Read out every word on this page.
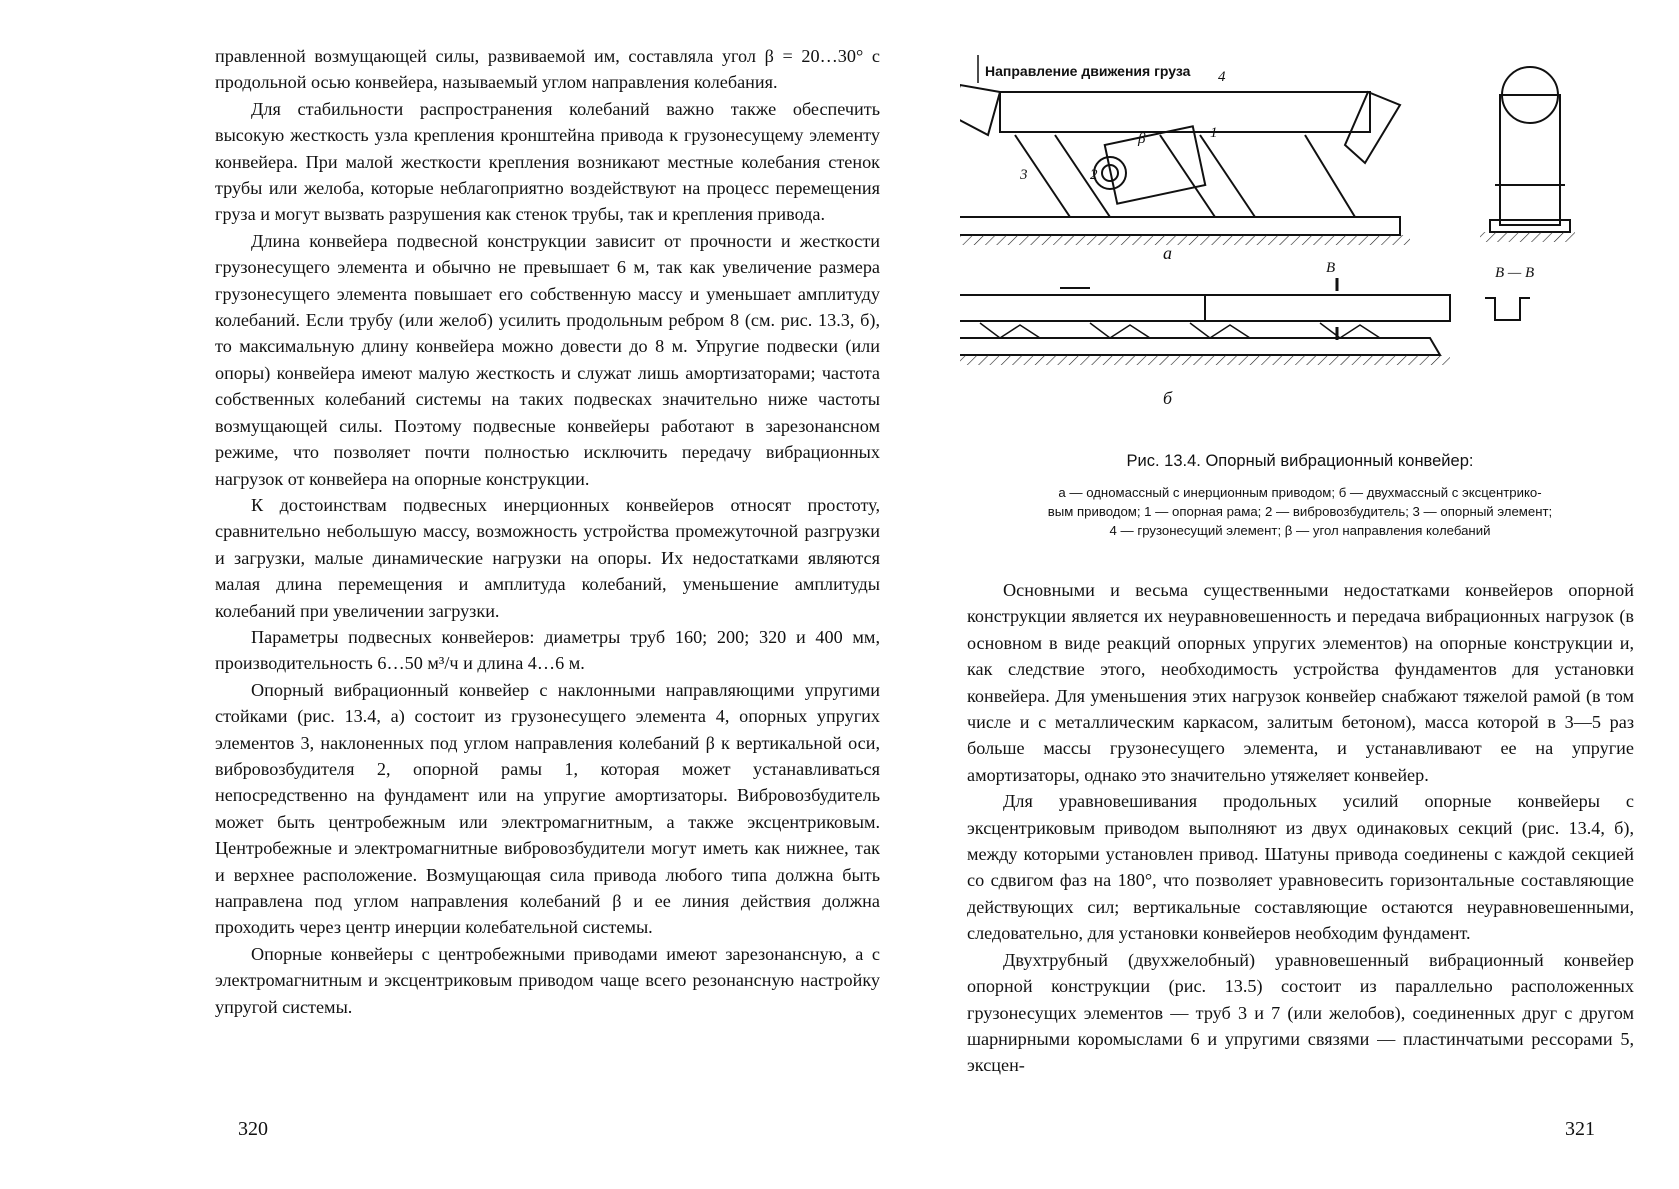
правленной возмущающей силы, развиваемой им, составляла угол β = 20…30° с продольной осью конвейера, называемый углом направления колебания.

Для стабильности распространения колебаний важно также обеспечить высокую жесткость узла крепления кронштейна привода к грузонесущему элементу конвейера. При малой жесткости крепления возникают местные колебания стенок трубы или желоба, которые неблагоприятно воздействуют на процесс перемещения груза и могут вызвать разрушения как стенок трубы, так и крепления привода.

Длина конвейера подвесной конструкции зависит от прочности и жесткости грузонесущего элемента и обычно не превышает 6 м, так как увеличение размера грузонесущего элемента повышает его собственную массу и уменьшает амплитуду колебаний. Если трубу (или желоб) усилить продольным ребром 8 (см. рис. 13.3, б), то максимальную длину конвейера можно довести до 8 м. Упругие подвески (или опоры) конвейера имеют малую жесткость и служат лишь амортизаторами; частота собственных колебаний системы на таких подвесках значительно ниже частоты возмущающей силы. Поэтому подвесные конвейеры работают в зарезонансном режиме, что позволяет почти полностью исключить передачу вибрационных нагрузок от конвейера на опорные конструкции.

К достоинствам подвесных инерционных конвейеров относят простоту, сравнительно небольшую массу, возможность устройства промежуточной разгрузки и загрузки, малые динамические нагрузки на опоры. Их недостатками являются малая длина перемещения и амплитуда колебаний, уменьшение амплитуды колебаний при увеличении загрузки.

Параметры подвесных конвейеров: диаметры труб 160; 200; 320 и 400 мм, производительность 6…50 м³/ч и длина 4…6 м.

Опорный вибрационный конвейер с наклонными направляющими упругими стойками (рис. 13.4, а) состоит из грузонесущего элемента 4, опорных упругих элементов 3, наклоненных под углом направления колебаний β к вертикальной оси, вибровозбудителя 2, опорной рамы 1, которая может устанавливаться непосредственно на фундамент или на упругие амортизаторы. Вибровозбудитель может быть центробежным или электромагнитным, а также эксцентриковым. Центробежные и электромагнитные вибровозбудители могут иметь как нижнее, так и верхнее расположение. Возмущающая сила привода любого типа должна быть направлена под углом направления колебаний β и ее линия действия должна проходить через центр инерции колебательной системы.

Опорные конвейеры с центробежными приводами имеют зарезонансную, а с электромагнитным и эксцентриковым приводом чаще всего резонансную настройку упругой системы.

320
Направление движения груза
а
б
1
2
3
4
β
B	B — B
Рис. 13.4. Опорный вибрационный конвейер:
а — одномассный с инерционным приводом; б — двухмассный с эксцентрико-
вым приводом; 1 — опорная рама; 2 — вибровозбудитель; 3 — опорный элемент;
4 — грузонесущий элемент; β — угол направления колебаний

Основными и весьма существенными недостатками конвейеров опорной конструкции является их неуравновешенность и передача вибрационных нагрузок (в основном в виде реакций опорных упругих элементов) на опорные конструкции и, как следствие этого, необходимость устройства фундаментов для установки конвейера. Для уменьшения этих нагрузок конвейер снабжают тяжелой рамой (в том числе и с металлическим каркасом, залитым бетоном), масса которой в 3—5 раз больше массы грузонесущего элемента, и устанавливают ее на упругие амортизаторы, однако это значительно утяжеляет конвейер.

Для уравновешивания продольных усилий опорные конвейеры с эксцентриковым приводом выполняют из двух одинаковых секций (рис. 13.4, б), между которыми установлен привод. Шатуны привода соединены с каждой секцией со сдвигом фаз на 180°, что позволяет уравновесить горизонтальные составляющие действующих сил; вертикальные составляющие остаются неуравновешенными, следовательно, для установки конвейеров необходим фундамент.

Двухтрубный (двухжелобный) уравновешенный вибрационный конвейер опорной конструкции (рис. 13.5) состоит из параллельно расположенных грузонесущих элементов — труб 3 и 7 (или желобов), соединенных друг с другом шарнирными коромыслами 6 и упругими связями — пластинчатыми рессорами 5, эксцен-

321
